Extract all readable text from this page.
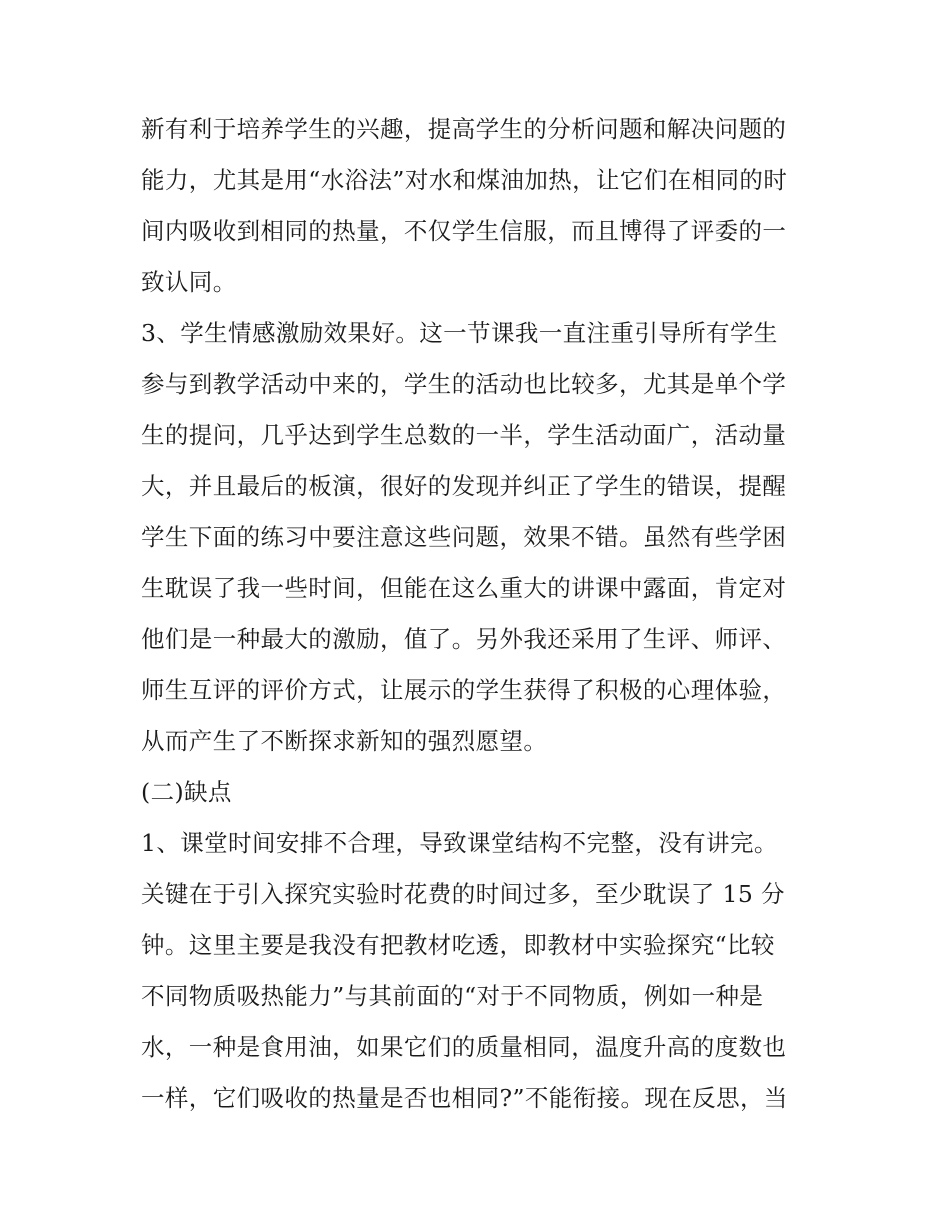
新有利于培养学生的兴趣，提高学生的分析问题和解决问题的
能力，尤其是用“水浴法”对水和煤油加热，让它们在相同的时
间内吸收到相同的热量，不仅学生信服，而且博得了评委的一
致认同。
3、学生情感激励效果好。这一节课我一直注重引导所有学生
参与到教学活动中来的，学生的活动也比较多，尤其是单个学
生的提问，几乎达到学生总数的一半，学生活动面广，活动量
大，并且最后的板演，很好的发现并纠正了学生的错误，提醒
学生下面的练习中要注意这些问题，效果不错。虽然有些学困
生耽误了我一些时间，但能在这么重大的讲课中露面，肯定对
他们是一种最大的激励，值了。另外我还采用了生评、师评、
师生互评的评价方式，让展示的学生获得了积极的心理体验，
从而产生了不断探求新知的强烈愿望。
(二)缺点
1、课堂时间安排不合理，导致课堂结构不完整，没有讲完。
关键在于引入探究实验时花费的时间过多，至少耽误了 15 分
钟。这里主要是我没有把教材吃透，即教材中实验探究“比较
不同物质吸热能力”与其前面的“对于不同物质，例如一种是
水，一种是食用油，如果它们的质量相同，温度升高的度数也
一样，它们吸收的热量是否也相同?”不能衔接。现在反思，当
